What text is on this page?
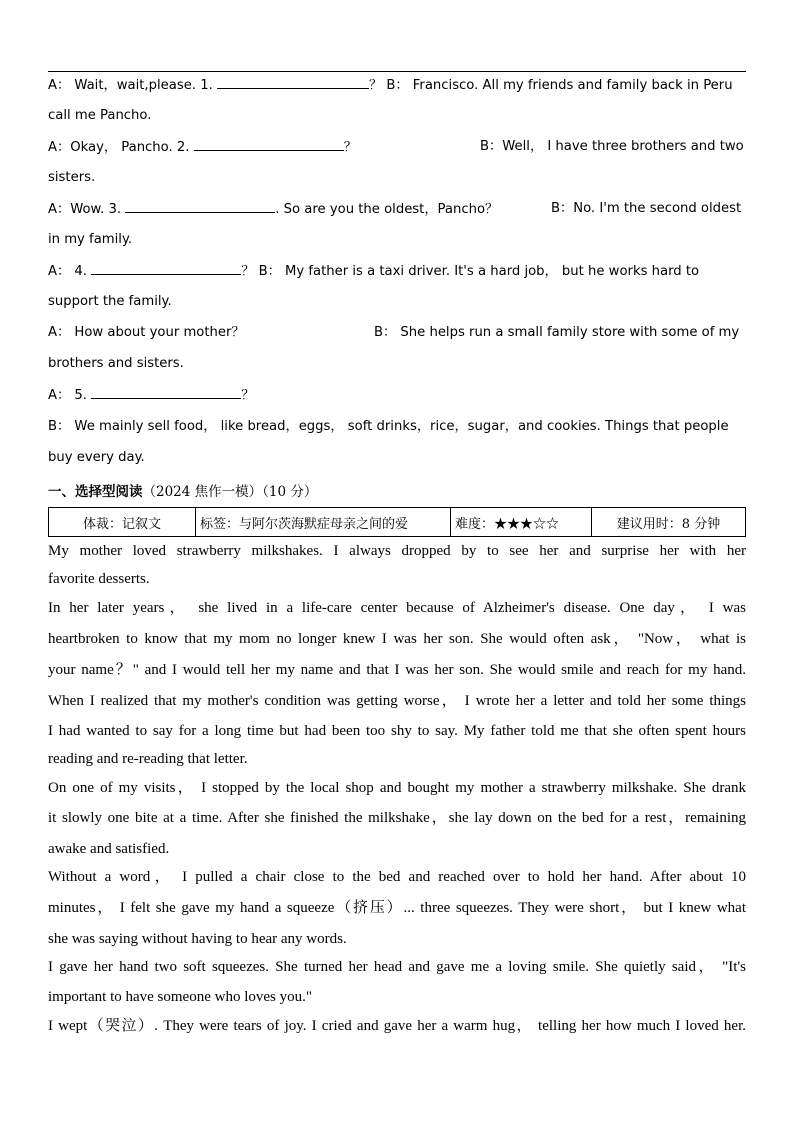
A： Wait，wait,please. 1.	？ B： Francisco. All my friends and family back in Peru
call me Pancho.
A：Okay， Pancho. 2.	？	B：Well， I have three brothers and two
sisters.
A：Wow. 3.	. So are you the oldest，Pancho？	B：No. I'm the second oldest
in my family.
A： 4.	？ B： My father is a taxi driver. It's a hard job， but he works hard to
support the family.
A： How about your mother？	B： She helps run a small family store with some of my
brothers and sisters.
A： 5.	？
B： We mainly sell food， like bread，eggs， soft drinks，rice，sugar，and cookies. Things that people
buy every day.
一、选择型阅读（2024 焦作一模）（10 分）
体裁：记叙文	标签：与阿尔茨海默症母亲之间的爱	难度：★★★☆☆	建议用时：8 分钟
My mother loved strawberry milkshakes. I always dropped by to see her and surprise her with her
favorite desserts.
In her later years， she lived in a life-care center because of Alzheimer's disease. One day， I was
heartbroken to know that my mom no longer knew I was her son. She would often ask， "Now， what is
your name？" and I would tell her my name and that I was her son. She would smile and reach for my hand.
When I realized that my mother's condition was getting worse， I wrote her a letter and told her some things
I had wanted to say for a long time but had been too shy to say. My father told me that she often spent hours
reading and re-reading that letter.
On one of my visits， I stopped by the local shop and bought my mother a strawberry milkshake. She drank
it slowly one bite at a time. After she finished the milkshake，she lay down on the bed for a rest，remaining
awake and satisfied.
Without a word， I pulled a chair close to the bed and reached over to hold her hand. After about 10
minutes， I felt she gave my hand a squeeze（挤压）... three squeezes. They were short， but I knew what
she was saying without having to hear any words.
I gave her hand two soft squeezes. She turned her head and gave me a loving smile. She quietly said， "It's
important to have someone who loves you."
I wept（哭泣）. They were tears of joy. I cried and gave her a warm hug， telling her how much I loved her.
